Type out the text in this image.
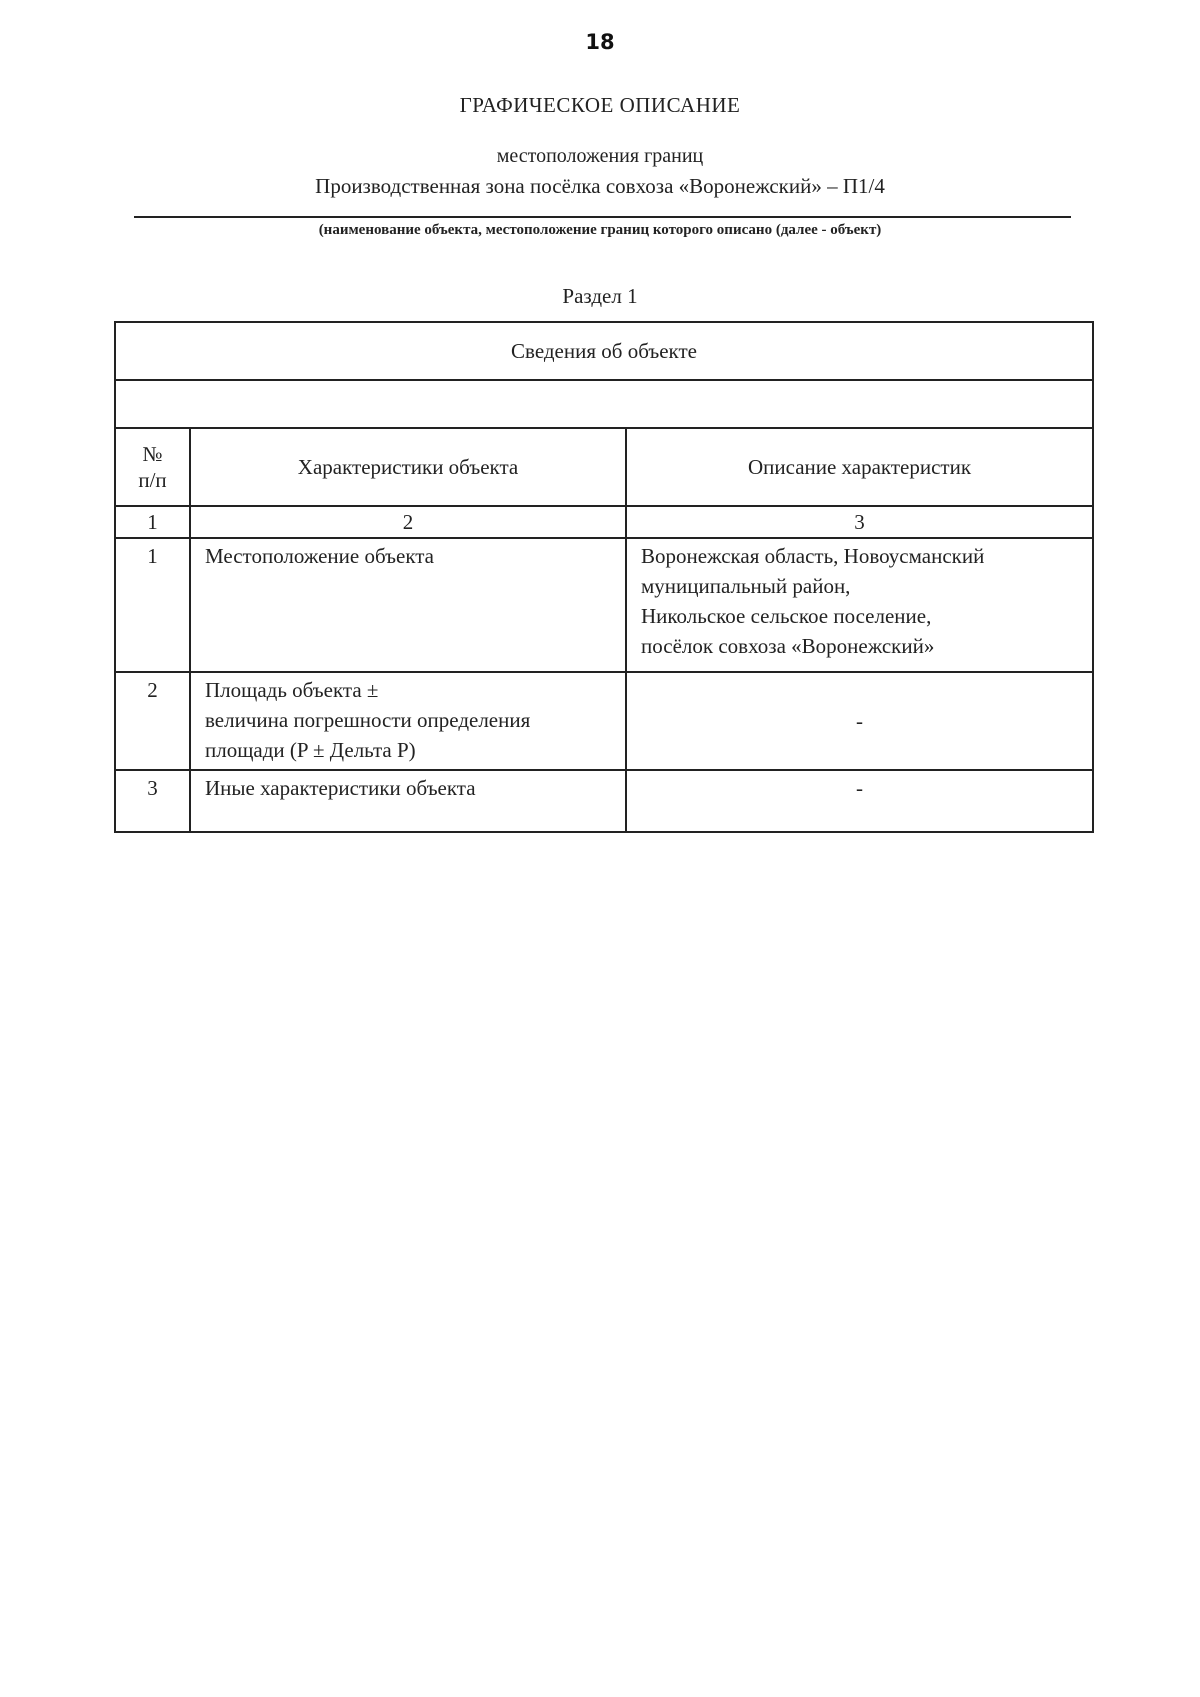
18
ГРАФИЧЕСКОЕ ОПИСАНИЕ
местоположения границ
Производственная зона посёлка совхоза «Воронежский» – П1/4
(наименование объекта, местоположение границ которого описано (далее - объект)
Раздел 1
Сведения об объекте		

№
п/п	Характеристики объекта	Описание характеристик
1	2	3
1	Местоположение объекта	Воронежская область, Новоусманский
муниципальный район,
Никольское сельское поселение,
посёлок совхоза «Воронежский»

2	Площадь объекта ±
величина погрешности определения
площади (P ± Дельта P)	-
3	Иные характеристики объекта	-
